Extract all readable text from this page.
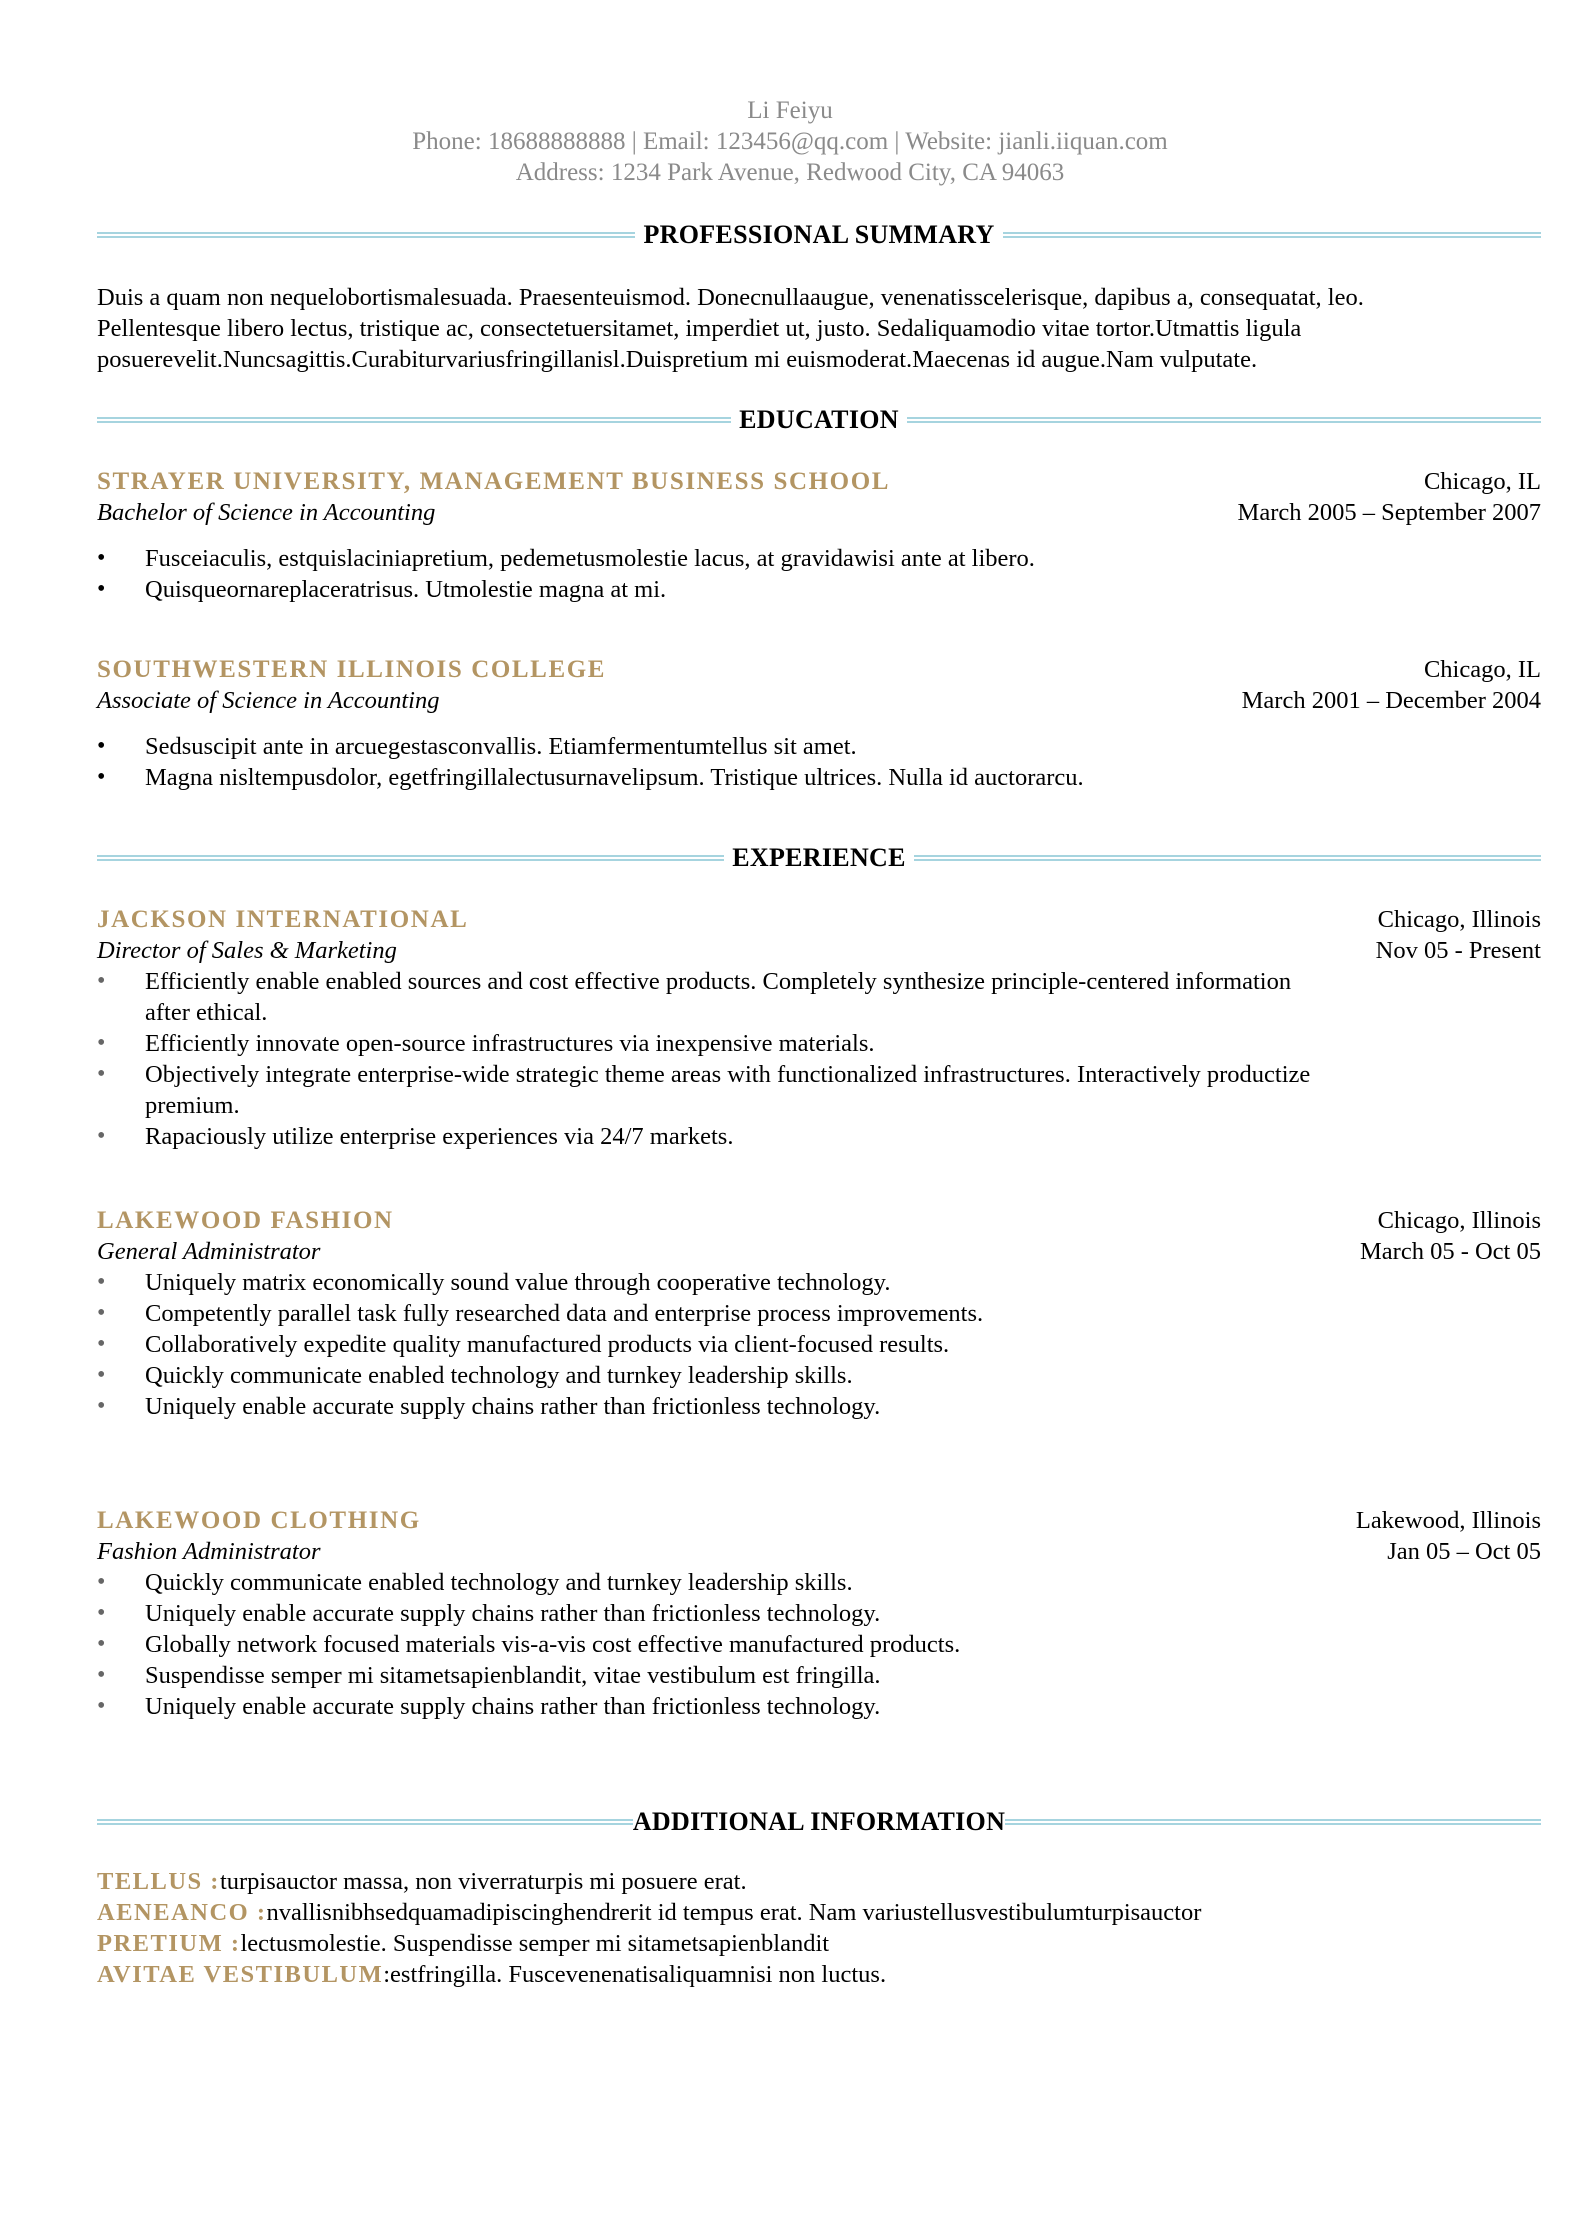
Li Feiyu
Phone: 18688888888 | Email: 123456@qq.com | Website: jianli.iiquan.com
Address: 1234 Park Avenue, Redwood City, CA 94063
PROFESSIONAL SUMMARY
Duis a quam non nequelobortismalesuada. Praesenteuismod. Donecnullaaugue, venenatisscelerisque, dapibus a, consequatat, leo.
Pellentesque libero lectus, tristique ac, consectetuersitamet, imperdiet ut, justo. Sedaliquamodio vitae tortor.Utmattis ligula
posuerevelit.Nuncsagittis.Curabiturvariusfringillanisl.Duispretium mi euismoderat.Maecenas id augue.Nam vulputate.
EDUCATION
STRAYER UNIVERSITY, MANAGEMENT BUSINESS SCHOOL	Chicago, IL
Bachelor of Science in Accounting	March 2005 – September 2007
• Fusceiaculis, estquislaciniapretium, pedemetusmolestie lacus, at gravidawisi ante at libero.
• Quisqueornareplaceratrisus. Utmolestie magna at mi.
SOUTHWESTERN ILLINOIS COLLEGE	Chicago, IL
Associate of Science in Accounting	March 2001 – December 2004
• Sedsuscipit ante in arcuegestasconvallis. Etiamfermentumtellus sit amet.
• Magna nisltempusdolor, egetfringillalectusurnavelipsum. Tristique ultrices. Nulla id auctorarcu.
EXPERIENCE
JACKSON INTERNATIONAL	Chicago, Illinois
Director of Sales & Marketing	Nov 05 - Present
• Efficiently enable enabled sources and cost effective products. Completely synthesize principle-centered information after ethical.
• Efficiently innovate open-source infrastructures via inexpensive materials.
• Objectively integrate enterprise-wide strategic theme areas with functionalized infrastructures. Interactively productize premium.
• Rapaciously utilize enterprise experiences via 24/7 markets.
LAKEWOOD FASHION	Chicago, Illinois
General Administrator	March 05 - Oct 05
• Uniquely matrix economically sound value through cooperative technology.
• Competently parallel task fully researched data and enterprise process improvements.
• Collaboratively expedite quality manufactured products via client-focused results.
• Quickly communicate enabled technology and turnkey leadership skills.
• Uniquely enable accurate supply chains rather than frictionless technology.
LAKEWOOD CLOTHING	Lakewood, Illinois
Fashion Administrator	Jan 05 – Oct 05
• Quickly communicate enabled technology and turnkey leadership skills.
• Uniquely enable accurate supply chains rather than frictionless technology.
• Globally network focused materials vis-a-vis cost effective manufactured products.
• Suspendisse semper mi sitametsapienblandit, vitae vestibulum est fringilla.
• Uniquely enable accurate supply chains rather than frictionless technology.
ADDITIONAL INFORMATION
TELLUS :turpisauctor massa, non viverraturpis mi posuere erat.
AENEANCO :nvallisnibhsedquamadipiscinghendrerit id tempus erat. Nam variustellusvestibulumturpisauctor
PRETIUM :lectusmolestie. Suspendisse semper mi sitametsapienblandit
AVITAE VESTIBULUM:estfringilla. Fuscevenenatisaliquamnisi non luctus.
